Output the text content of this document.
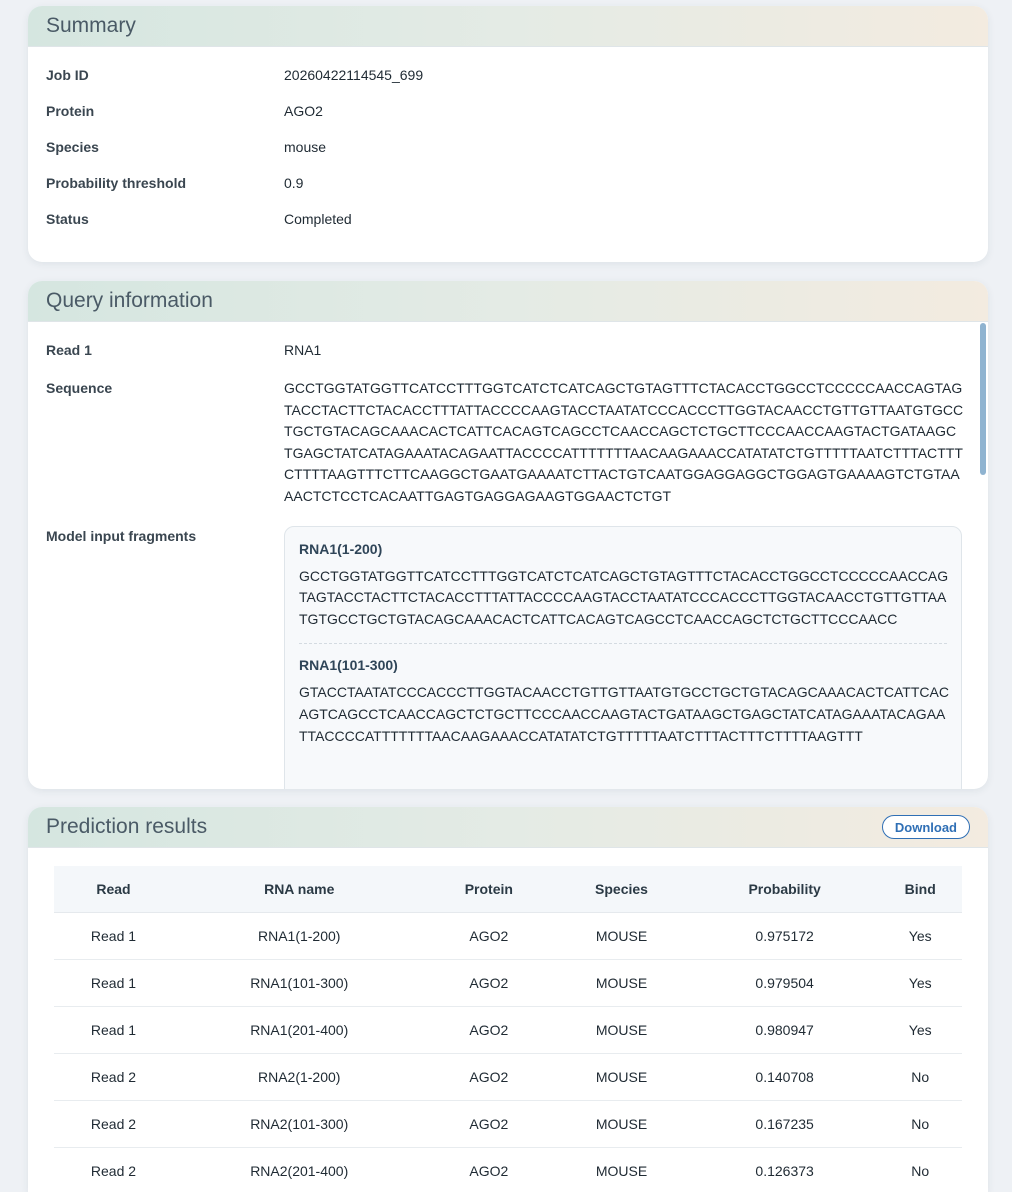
Summary
Job ID	20260422114545_699
Protein	AGO2
Species	mouse
Probability threshold	0.9
Status	Completed
Query information
Read 1	RNA1
Sequence	GCCTGGTATGGTTCATCCTTTGGTCATCTCATCAGCTGTAGTTTCTACACCTGGCCTCCCCCAACCAGTAGTACCTACTTCTACACCTTTATTACCCCAAGTACCTAATATCCCACCCTTGGTACAACCTGTTGTTAATGTGCCTGCTGTACAGCAAACACTCATTCACAGTCAGCCTCAACCAGCTCTGCTTCCCAACCAAGTACTGATAAGCTGAGCTATCATAGAAATACAGAATTACCCCATTTTTTTAACAAGAAACCATATATCTGTTTTTAATCTTTACTTTCTTTTAAGTTTCTTCAAGGCTGAATGAAAATCTTACTGTCAATGGAGGAGGCTGGAGTGAAAAGTCTGTAAAACTCTCCTCACAATTGAGTGAGGAGAAGTGGAACTCTGT
Model input fragments
RNA1(1-200)
GCCTGGTATGGTTCATCCTTTGGTCATCTCATCAGCTGTAGTTTCTACACCTGGCCTCCCCCAACCAGTAGTACCTACTTCTACACCTTTATTACCCCAAGTACCTAATATCCCACCCTTGGTACAACCTGTTGTTAATGTGCCTGCTGTACAGCAAACACTCATTCACAGTCAGCCTCAACCAGCTCTGCTTCCCAACC
RNA1(101-300)
GTACCTAATATCCCACCCTTGGTACAACCTGTTGTTAATGTGCCTGCTGTACAGCAAACACTCATTCACAGTCAGCCTCAACCAGCTCTGCTTCCCAACCAAGTACTGATAAGCTGAGCTATCATAGAAATACAGAATTACCCCATTTTTTTAACAAGAAACCATATATCTGTTTTTAATCTTTACTTTCTTTTAAGTTT
Prediction results	Download
Read	RNA name	Protein	Species	Probability	Bind
Read 1	RNA1(1-200)	AGO2	MOUSE	0.975172	Yes
Read 1	RNA1(101-300)	AGO2	MOUSE	0.979504	Yes
Read 1	RNA1(201-400)	AGO2	MOUSE	0.980947	Yes
Read 2	RNA2(1-200)	AGO2	MOUSE	0.140708	No
Read 2	RNA2(101-300)	AGO2	MOUSE	0.167235	No
Read 2	RNA2(201-400)	AGO2	MOUSE	0.126373	No
